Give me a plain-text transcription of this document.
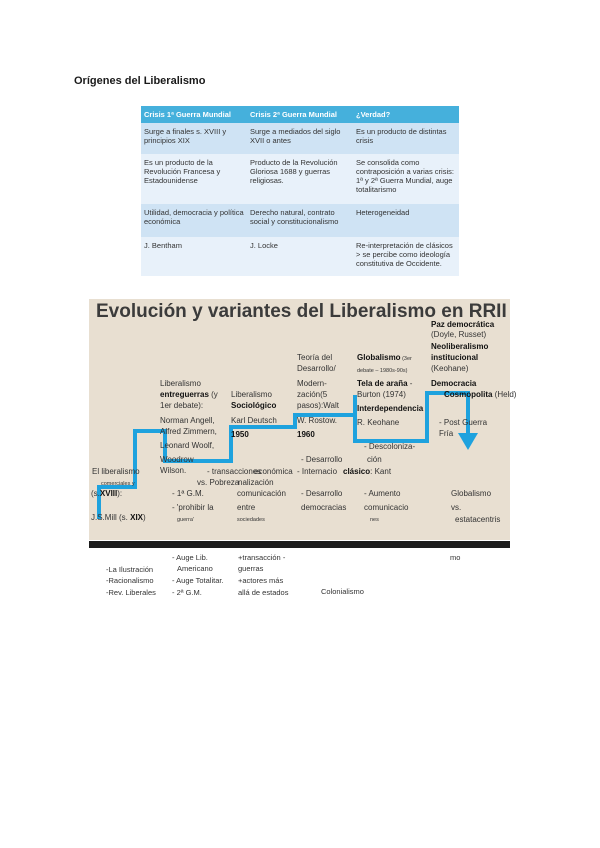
Orígenes del Liberalismo
Crisis 1ª Guerra Mundial	Crisis 2ª Guerra Mundial	¿Verdad?
Surge a finales s. XVIII y principios XIX	Surge a mediados del siglo XVII o antes	Es un producto de distintas crisis
Es un producto de la Revolución Francesa y Estadounidense	Producto de la Revolución Gloriosa 1688 y guerras religiosas.	Se consolida como contraposición a varias crisis: 1ª y 2ª Guerra Mundial, auge totalitarismo
Utilidad, democracia y política económica	Derecho natural, contrato social y constitucionalismo	Heterogeneidad
J. Bentham	J. Locke	Re-interpretación de clásicos > se percibe como ideología constitutiva de Occidente.
Evolución y variantes del Liberalismo en RRII
El liberalismo
comerciales y
(s.XVIII):
J.S.Mill (s. XIX)
Liberalismo
entreguerras (y
1er debate):
Norman Angell,
Alfred Zimmern,
Leonard Woolf,
Woodrow
Wilson.
- 1ª G.M.
- 'prohibir la
guerra'
Liberalismo
Sociológico
Karl Deutsch
1950
- transacciones
vs. Pobreza
comunicación
entre
sociedades
económica
nalización
Teoría del
Desarrollo/
Modern-
zación(5
pasos):Walt
W. Rostow.
1960
- Desarrollo
- Internacio
- Desarrollo
democracias
Globalismo (3er
debate – 1980s-90s)
Tela de araña -
Burton (1974)
Interdependencia
R. Keohane
- Descoloniza-
ción
clásico: Kant
- Aumento
comunicacio
nes
Paz democrática
(Doyle, Russet)
Neoliberalismo
institucional
(Keohane)
Democracia
Cosmopolita (Held)
- Post Guerra
Fría
Globalismo
vs.
estatacentris
-La Ilustración
-Racionalismo
-Rev. Liberales
- Auge Lib.
Americano
- Auge Totalitar.
- 2ª G.M.
+transacción -
guerras
+actores más
allá de estados	Colonialismo
mo
